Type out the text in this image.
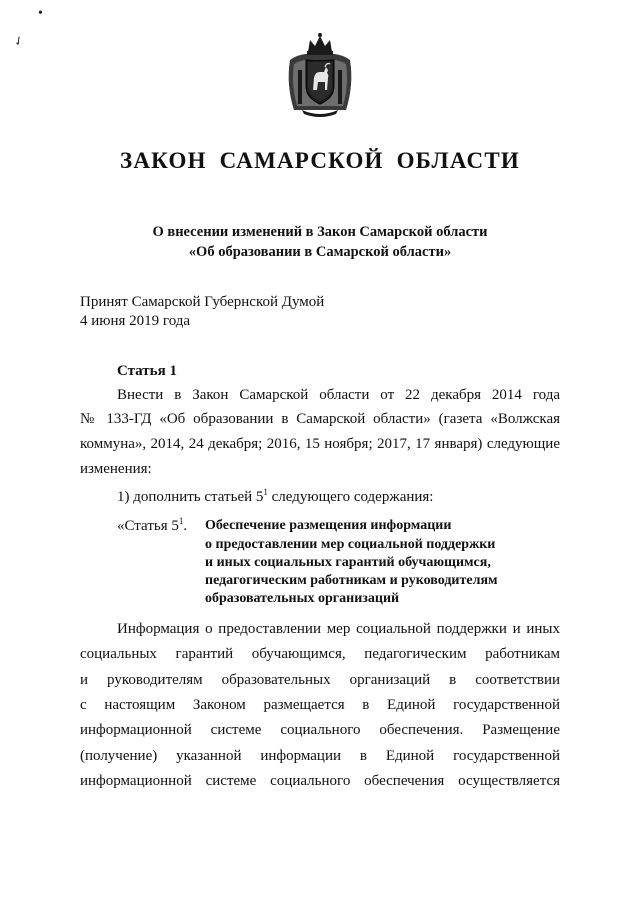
•
✓
ЗАКОН САМАРСКОЙ ОБЛАСТИ
О внесении изменений в Закон Самарской области
«Об образовании в Самарской области»
Принят Самарской Губернской Думой
4 июня 2019 года
Статья 1
Внести в Закон Самарской области от 22 декабря 2014 года
№ 133-ГД «Об образовании в Самарской области» (газета «Волжская
коммуна», 2014, 24 декабря; 2016, 15 ноября; 2017, 17 января) следующие
изменения:
1) дополнить статьей $5^1$ следующего содержания:
«Статья $5^1$. Обеспечение размещения информации
о предоставлении мер социальной поддержки
и иных социальных гарантий обучающимся,
педагогическим работникам и руководителям
образовательных организаций
Информация о предоставлении мер социальной поддержки и иных
социальных гарантий обучающимся, педагогическим работникам
и руководителям образовательных организаций в соответствии
с настоящим Законом размещается в Единой государственной
информационной системе социального обеспечения. Размещение
(получение) указанной информации в Единой государственной
информационной системе социального обеспечения осуществляется
